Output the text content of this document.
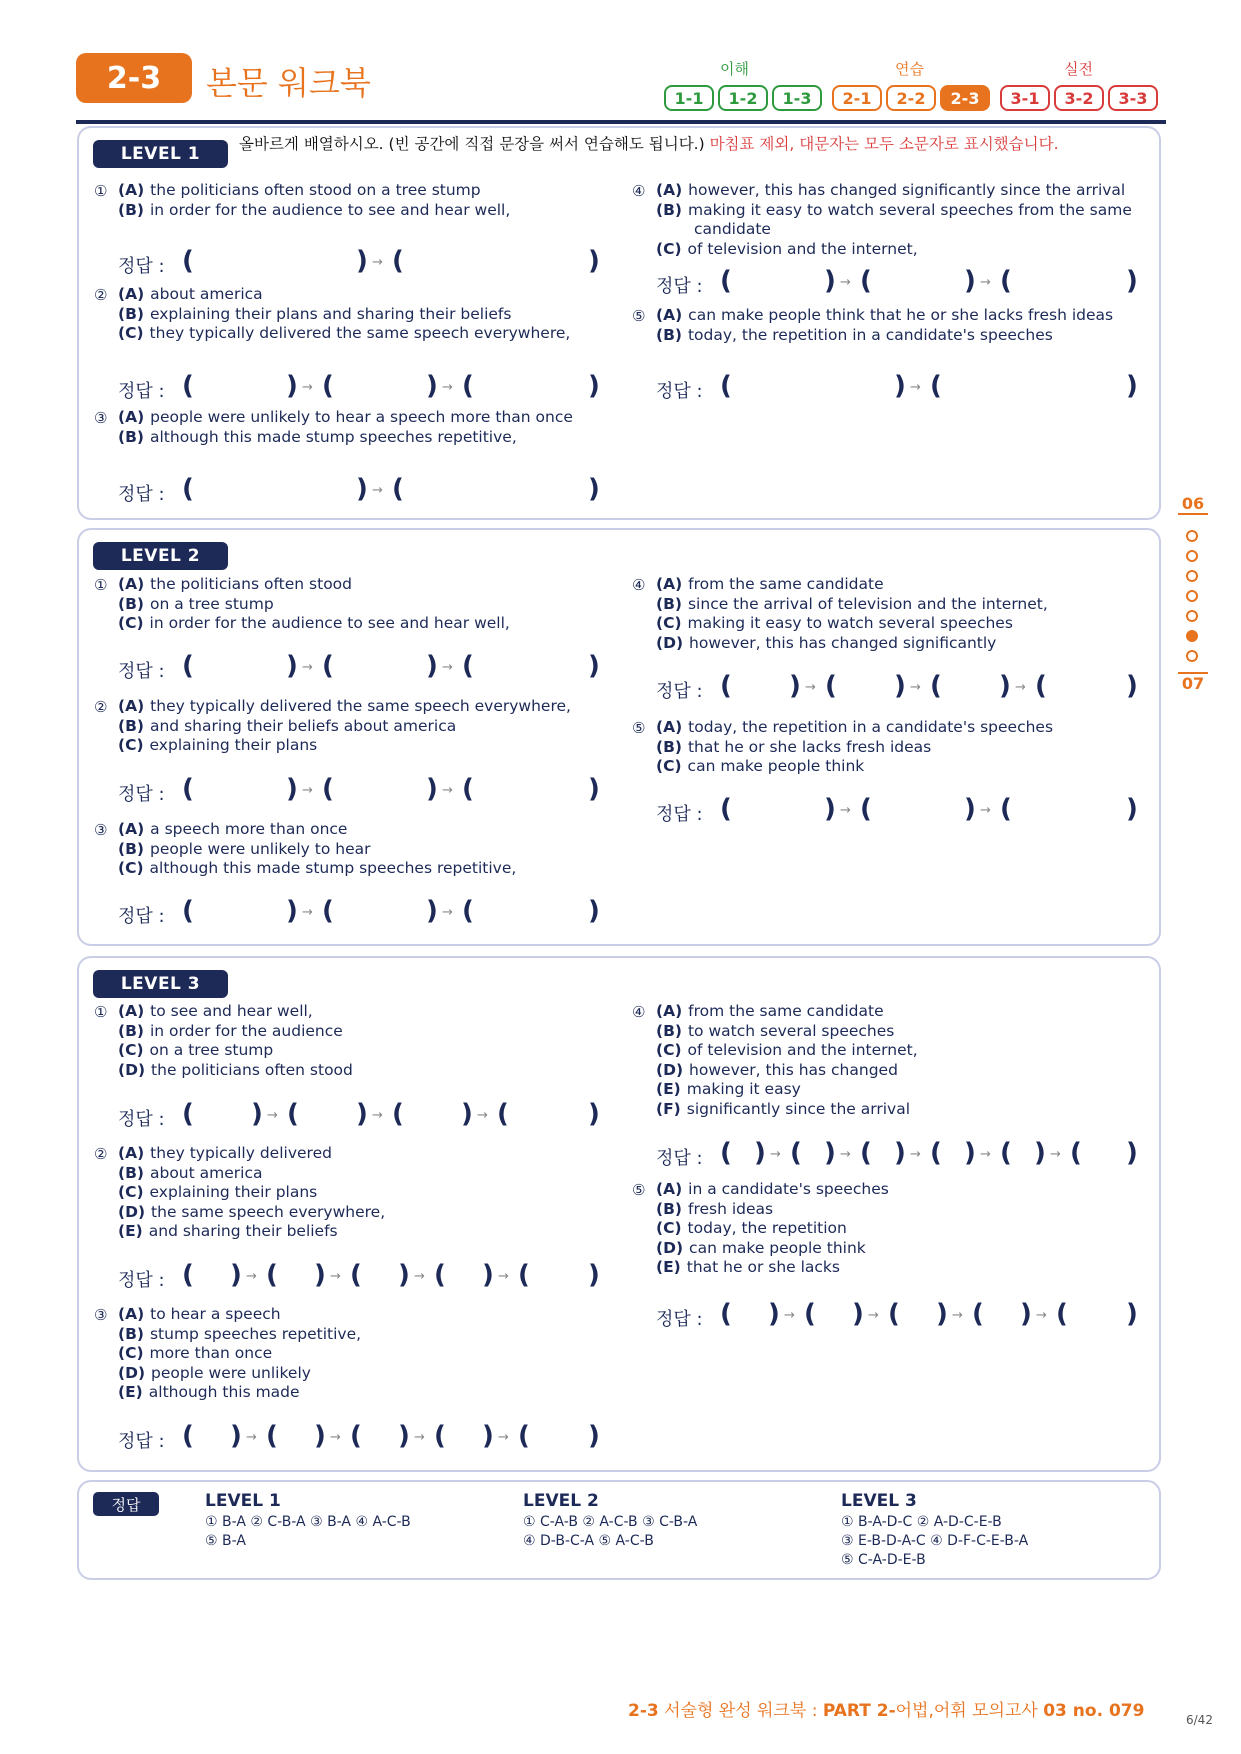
2-3	본문 워크북	이해	연습	실전
1-1	1-2	1-3	2-1	2-2	2-3	3-1	3-2	3-3
LEVEL 1	올바르게 배열하시오. (빈 공간에 직접 문장을 써서 연습해도 됩니다.) 마침표 제외, 대문자는 모두 소문자로 표시했습니다.
LEVEL 2
LEVEL 3
① (A) the politicians often stood on a tree stump
(B) in order for the audience to see and hear well,
정답 : (	) → (	)
② (A) about america
(B) explaining their plans and sharing their beliefs
(C) they typically delivered the same speech everywhere,
정답 : (	) → (	) → (	)
③ (A) people were unlikely to hear a speech more than once
(B) although this made stump speeches repetitive,
정답 : (	) → (	)
④ (A) however, this has changed significantly since the arrival
(B) making it easy to watch several speeches from the same
candidate
(C) of television and the internet,
정답 : (	) → (	) → (	)
⑤ (A) can make people think that he or she lacks fresh ideas
(B) today, the repetition in a candidate's speeches
정답 : (	) → (	)
① (A) the politicians often stood
(B) on a tree stump
(C) in order for the audience to see and hear well,
정답 : (	) → (	) → (	)
② (A) they typically delivered the same speech everywhere,
(B) and sharing their beliefs about america
(C) explaining their plans
정답 : (	) → (	) → (	)
③ (A) a speech more than once
(B) people were unlikely to hear
(C) although this made stump speeches repetitive,
정답 : (	) → (	) → (	)
④ (A) from the same candidate
(B) since the arrival of television and the internet,
(C) making it easy to watch several speeches
(D) however, this has changed significantly
정답 : ( ) → ( ) → ( ) → (	)
⑤ (A) today, the repetition in a candidate's speeches
(B) that he or she lacks fresh ideas
(C) can make people think
정답 : (	) → (	) → (	)
① (A) to see and hear well,
(B) in order for the audience
(C) on a tree stump
(D) the politicians often stood
정답 : ( ) → ( ) → ( ) → (	)
② (A) they typically delivered
(B) about america
(C) explaining their plans
(D) the same speech everywhere,
(E) and sharing their beliefs
정답 : ( ) → ( ) → ( ) → ( ) → ( )
③ (A) to hear a speech
(B) stump speeches repetitive,
(C) more than once
(D) people were unlikely
(E) although this made
정답 : ( ) → ( ) → ( ) → ( ) → ( )
④ (A) from the same candidate
(B) to watch several speeches
(C) of television and the internet,
(D) however, this has changed
(E) making it easy
(F) significantly since the arrival
정답 : ( ) → ( ) → ( ) → ( ) → ( ) → ( )
⑤ (A) in a candidate's speeches
(B) fresh ideas
(C) today, the repetition
(D) can make people think
(E) that he or she lacks
정답 : ( ) → ( ) → ( ) → ( ) → ( )
정답	LEVEL 1
① B-A ② C-B-A ③ B-A ④ A-C-B
⑤ B-A
LEVEL 2
① C-A-B ② A-C-B ③ C-B-A
④ D-B-C-A ⑤ A-C-B
LEVEL 3
① B-A-D-C ② A-D-C-E-B
③ E-B-D-A-C ④ D-F-C-E-B-A
⑤ C-A-D-E-B
06
07
2-3 서술형 완성 워크북 : PART 2-어법,어휘 모의고사 03 no. 079	6/42
